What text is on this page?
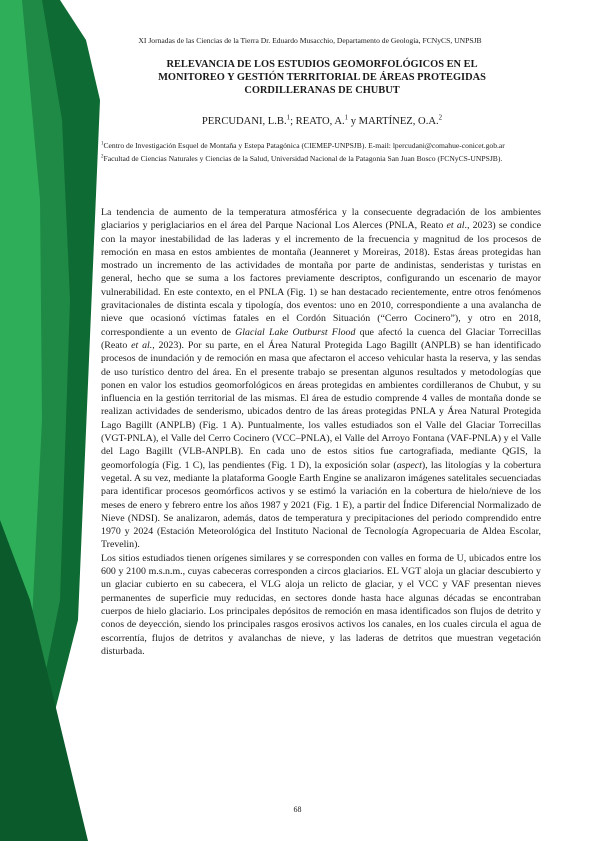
XI Jornadas de las Ciencias de la Tierra Dr. Eduardo Musacchio, Departamento de Geología, FCNyCS, UNPSJB
RELEVANCIA DE LOS ESTUDIOS GEOMORFOLÓGICOS EN EL
MONITOREO Y GESTIÓN TERRITORIAL DE ÁREAS PROTEGIDAS
CORDILLERANAS DE CHUBUT
PERCUDANI, L.B.$^1$; REATO, A.$^1$ y MARTÍNEZ, O.A.$^2$

$^1$Centro de Investigación Esquel de Montaña y Estepa Patagónica (CIEMEP-UNPSJB). E-mail: lpercudani@comahue-conicet.gob.ar

$^2$Facultad de Ciencias Naturales y Ciencias de la Salud, Universidad Nacional de la Patagonia San Juan Bosco (FCNyCS-UNPSJB).

La tendencia de aumento de la temperatura atmosférica y la consecuente degradación de los ambientes glaciarios y periglaciarios en el área del Parque Nacional Los Alerces (PNLA, Reato et al., 2023) se condice con la mayor inestabilidad de las laderas y el incremento de la frecuencia y magnitud de los procesos de remoción en masa en estos ambientes de montaña (Jeanneret y Moreiras, 2018). Estas áreas protegidas han mostrado un incremento de las actividades de montaña por parte de andinistas, senderistas y turistas en general, hecho que se suma a los factores previamente descriptos, configurando un escenario de mayor vulnerabilidad. En este contexto, en el PNLA (Fig. 1) se han destacado recientemente, entre otros fenómenos gravitacionales de distinta escala y tipología, dos eventos: uno en 2010, correspondiente a una avalancha de nieve que ocasionó víctimas fatales en el Cordón Situación (“Cerro Cocinero”), y otro en 2018, correspondiente a un evento de Glacial Lake Outburst Flood que afectó la cuenca del Glaciar Torrecillas (Reato et al., 2023). Por su parte, en el Área Natural Protegida Lago Bagillt (ANPLB) se han identificado procesos de inundación y de remoción en masa que afectaron el acceso vehicular hasta la reserva, y las sendas de uso turístico dentro del área. En el presente trabajo se presentan algunos resultados y metodologías que ponen en valor los estudios geomorfológicos en áreas protegidas en ambientes cordilleranos de Chubut, y su influencia en la gestión territorial de las mismas. El área de estudio comprende 4 valles de montaña donde se realizan actividades de senderismo, ubicados dentro de las áreas protegidas PNLA y Área Natural Protegida Lago Bagillt (ANPLB) (Fig. 1 A). Puntualmente, los valles estudiados son el Valle del Glaciar Torrecillas (VGT-PNLA), el Valle del Cerro Cocinero (VCC–PNLA), el Valle del Arroyo Fontana (VAF-PNLA) y el Valle del Lago Bagillt (VLB-ANPLB). En cada uno de estos sitios fue cartografiada, mediante QGIS, la geomorfología (Fig. 1 C), las pendientes (Fig. 1 D), la exposición solar (aspect), las litologías y la cobertura vegetal. A su vez, mediante la plataforma Google Earth Engine se analizaron imágenes satelitales secuenciadas para identificar procesos geomórficos activos y se estimó la variación en la cobertura de hielo/nieve de los meses de enero y febrero entre los años 1987 y 2021 (Fig. 1 E), a partir del Índice Diferencial Normalizado de Nieve (NDSI). Se analizaron, además, datos de temperatura y precipitaciones del periodo comprendido entre 1970 y 2024 (Estación Meteorológica del Instituto Nacional de Tecnología Agropecuaria de Aldea Escolar, Trevelin).

Los sitios estudiados tienen orígenes similares y se corresponden con valles en forma de U, ubicados entre los 600 y 2100 m.s.n.m., cuyas cabeceras corresponden a circos glaciarios. EL VGT aloja un glaciar descubierto y un glaciar cubierto en su cabecera, el VLG aloja un relicto de glaciar, y el VCC y VAF presentan nieves permanentes de superficie muy reducidas, en sectores donde hasta hace algunas décadas se encontraban cuerpos de hielo glaciario. Los principales depósitos de remoción en masa identificados son flujos de detrito y conos de deyección, siendo los principales rasgos erosivos activos los canales, en los cuales circula el agua de escorrentía, flujos de detritos y avalanchas de nieve, y las laderas de detritos que muestran vegetación disturbada.

68
